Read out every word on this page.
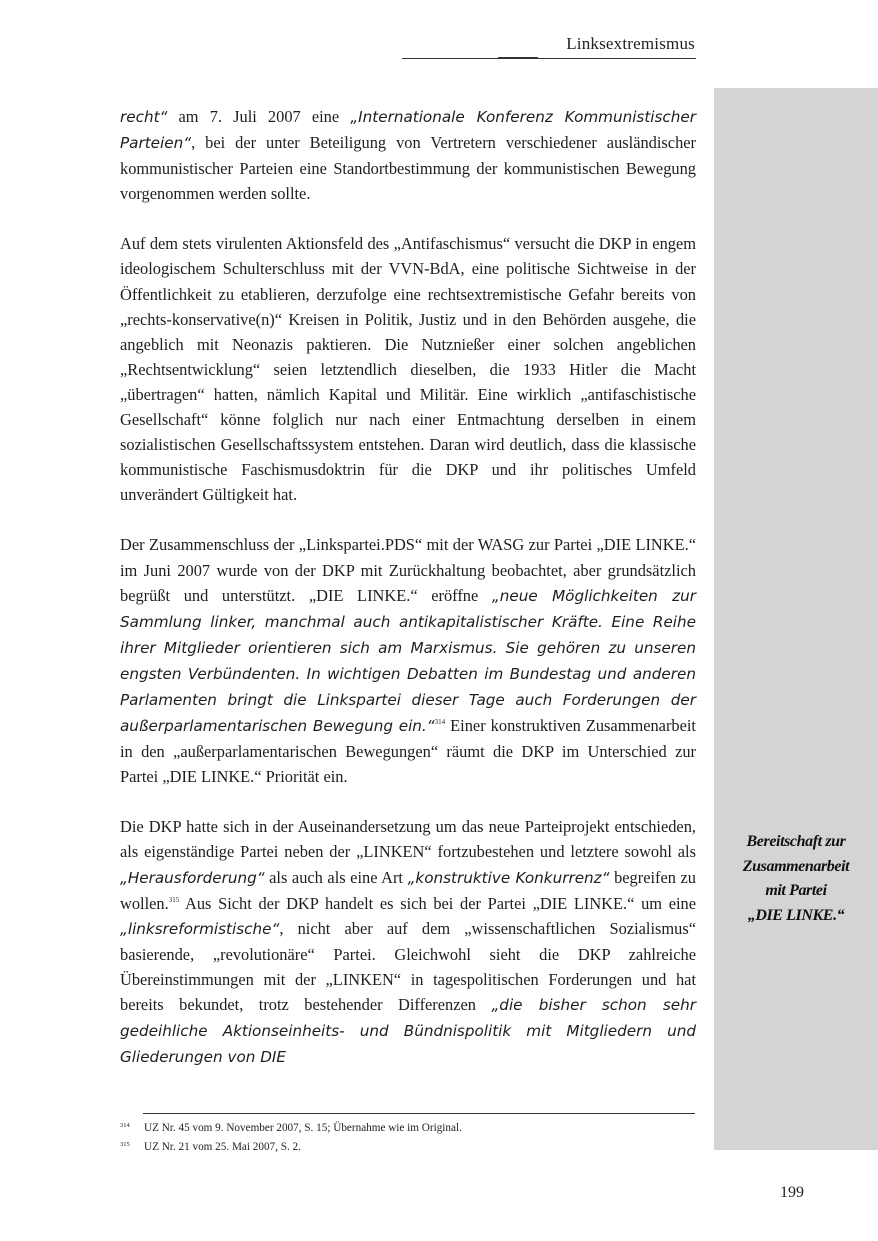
Linksextremismus
Bereitschaft zur
Zusammenarbeit
mit Partei
„DIE LINKE.“

recht“ am 7. Juli 2007 eine „Internationale Konferenz Kommunistischer Parteien“, bei der unter Beteiligung von Vertretern verschiedener ausländischer kommunistischer Parteien eine Standortbestimmung der kommunistischen Bewegung vorgenommen werden sollte.

Auf dem stets virulenten Aktionsfeld des „Antifaschismus“ versucht die DKP in engem ideologischem Schulterschluss mit der VVN-BdA, eine politische Sichtweise in der Öffentlichkeit zu etablieren, derzufolge eine rechtsextremistische Gefahr bereits von „rechts-konservative(n)“ Kreisen in Politik, Justiz und in den Behörden ausgehe, die angeblich mit Neonazis paktieren. Die Nutznießer einer solchen angeblichen „Rechtsentwicklung“ seien letztendlich dieselben, die 1933 Hitler die Macht „übertragen“ hatten, nämlich Kapital und Militär. Eine wirklich „antifaschistische Gesellschaft“ könne folglich nur nach einer Entmachtung derselben in einem sozialistischen Gesellschaftssystem entstehen. Daran wird deutlich, dass die klassische kommunistische Faschismusdoktrin für die DKP und ihr politisches Umfeld unverändert Gültigkeit hat.

Der Zusammenschluss der „Linkspartei.PDS“ mit der WASG zur Partei „DIE LINKE.“ im Juni 2007 wurde von der DKP mit Zurückhaltung beobachtet, aber grundsätzlich begrüßt und unterstützt. „DIE LINKE.“ eröffne „neue Möglichkeiten zur Sammlung linker, manchmal auch antikapitalistischer Kräfte. Eine Reihe ihrer Mitglieder orientieren sich am Marxismus. Sie gehören zu unseren engsten Verbündenten. In wichtigen Debatten im Bundestag und anderen Parlamenten bringt die Linkspartei dieser Tage auch Forderungen der außerparlamentarischen Bewegung ein.“$^{314}$ Einer konstruktiven Zusammenarbeit in den „außerparlamentarischen Bewegungen“ räumt die DKP im Unterschied zur Partei „DIE LINKE.“ Priorität ein.

Die DKP hatte sich in der Auseinandersetzung um das neue Parteiprojekt entschieden, als eigenständige Partei neben der „LINKEN“ fortzubestehen und letztere sowohl als „Herausforderung“ als auch als eine Art „konstruktive Konkurrenz“ begreifen zu wollen.$^{315}$ Aus Sicht der DKP handelt es sich bei der Partei „DIE LINKE.“ um eine „linksreformistische“, nicht aber auf dem „wissenschaftlichen Sozialismus“ basierende, „revolutionäre“ Partei. Gleichwohl sieht die DKP zahlreiche Übereinstimmungen mit der „LINKEN“ in tagespolitischen Forderungen und hat bereits bekundet, trotz bestehender Differenzen „die bisher schon sehr gedeihliche Aktionseinheits- und Bündnispolitik mit Mitgliedern und Gliederungen von DIE

314 UZ Nr. 45 vom 9. November 2007, S. 15; Übernahme wie im Original.
315 UZ Nr. 21 vom 25. Mai 2007, S. 2.
199
